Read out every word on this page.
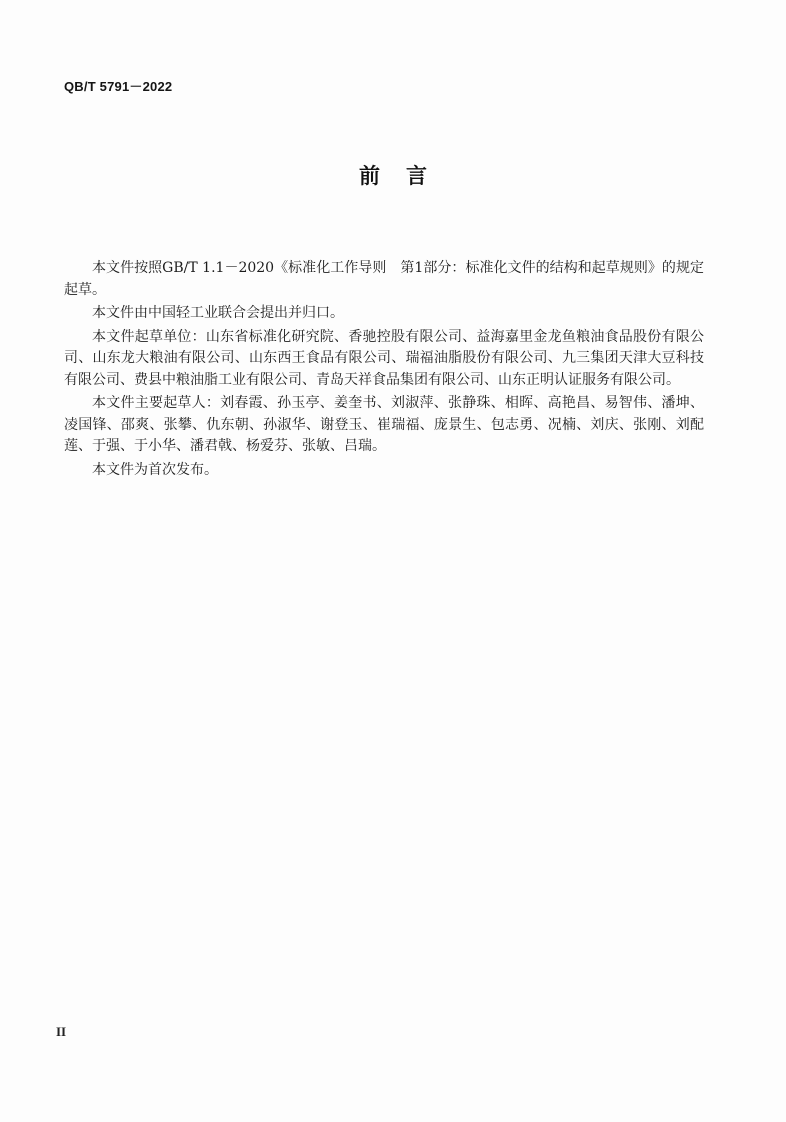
QB/T 5791－2022
前言

本文件按照GB/T 1.1－2020《标准化工作导则　第1部分：标准化文件的结构和起草规则》的规定起草。

本文件由中国轻工业联合会提出并归口。

本文件起草单位：山东省标准化研究院、香驰控股有限公司、益海嘉里金龙鱼粮油食品股份有限公司、山东龙大粮油有限公司、山东西王食品有限公司、瑞福油脂股份有限公司、九三集团天津大豆科技有限公司、费县中粮油脂工业有限公司、青岛天祥食品集团有限公司、山东正明认证服务有限公司。

本文件主要起草人：刘春霞、孙玉亭、姜奎书、刘淑萍、张静珠、相晖、高艳昌、易智伟、潘坤、凌国锋、邵爽、张攀、仇东朝、孙淑华、谢登玉、崔瑞福、庞景生、包志勇、况楠、刘庆、张刚、刘配莲、于强、于小华、潘君戟、杨爱芬、张敏、吕瑞。

本文件为首次发布。

II
